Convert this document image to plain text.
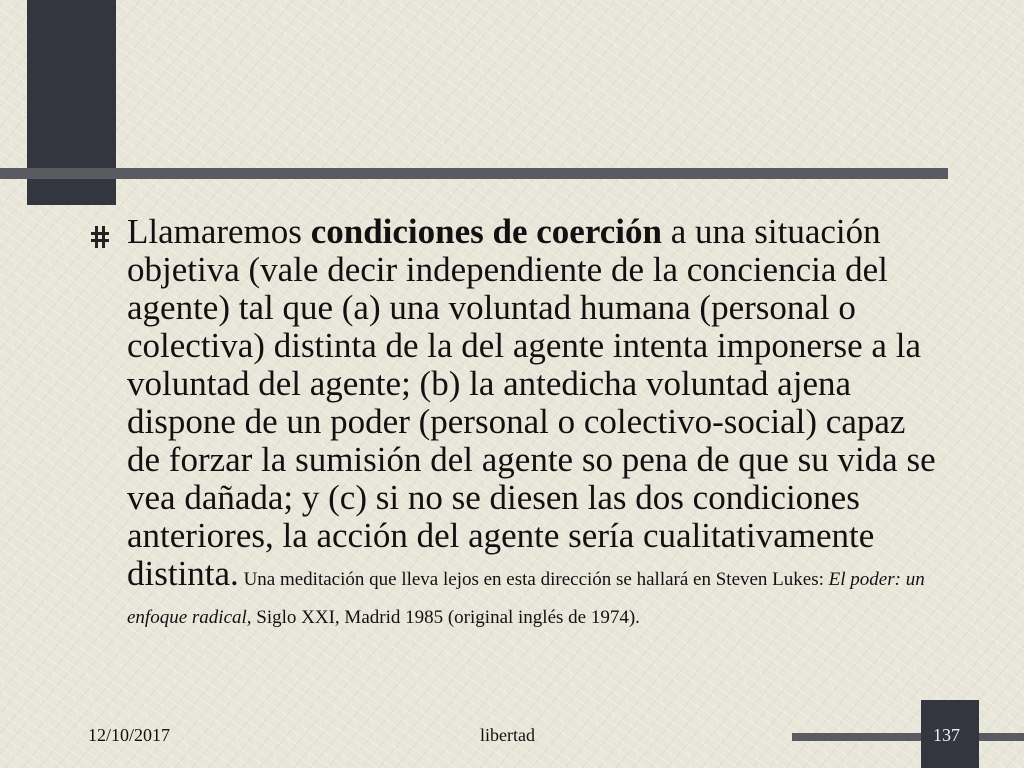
Llamaremos condiciones de coerción a una situación objetiva (vale decir independiente de la conciencia del agente) tal que (a) una voluntad humana (personal o colectiva) distinta de la del agente intenta imponerse a la voluntad del agente; (b) la antedicha voluntad ajena dispone de un poder (personal o colectivo-social) capaz de forzar la sumisión del agente so pena de que su vida se vea dañada; y (c) si no se diesen las dos condiciones anteriores, la acción del agente sería cualitativamente distinta. Una meditación que lleva lejos en esta dirección se hallará en Steven Lukes: El poder: un enfoque radical, Siglo XXI, Madrid 1985 (original inglés de 1974).
12/10/2017	libertad	137
